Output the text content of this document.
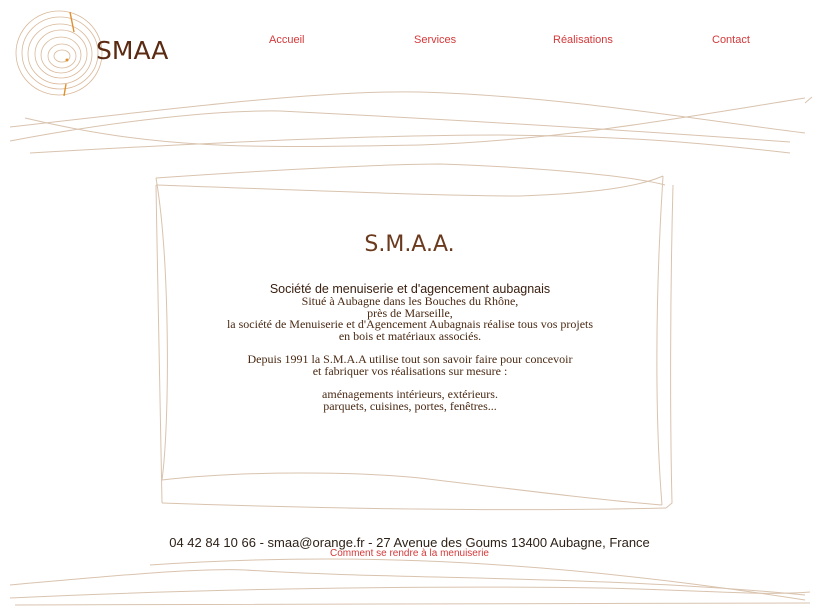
SMAA	Accueil	Services	Réalisations	Contact
S.M.A.A.
Société de menuiserie et d'agencement aubagnais
Situé à Aubagne dans les Bouches du Rhône,
près de Marseille,
la société de Menuiserie et d'Agencement Aubagnais réalise tous vos projets
en bois et matériaux associés.
Depuis 1991 la S.M.A.A utilise tout son savoir faire pour concevoir
et fabriquer vos réalisations sur mesure :
aménagements intérieurs, extérieurs.
parquets, cuisines, portes, fenêtres...
04 42 84 10 66 - smaa@orange.fr - 27 Avenue des Goums 13400 Aubagne, France
Comment se rendre à la menuiserie
